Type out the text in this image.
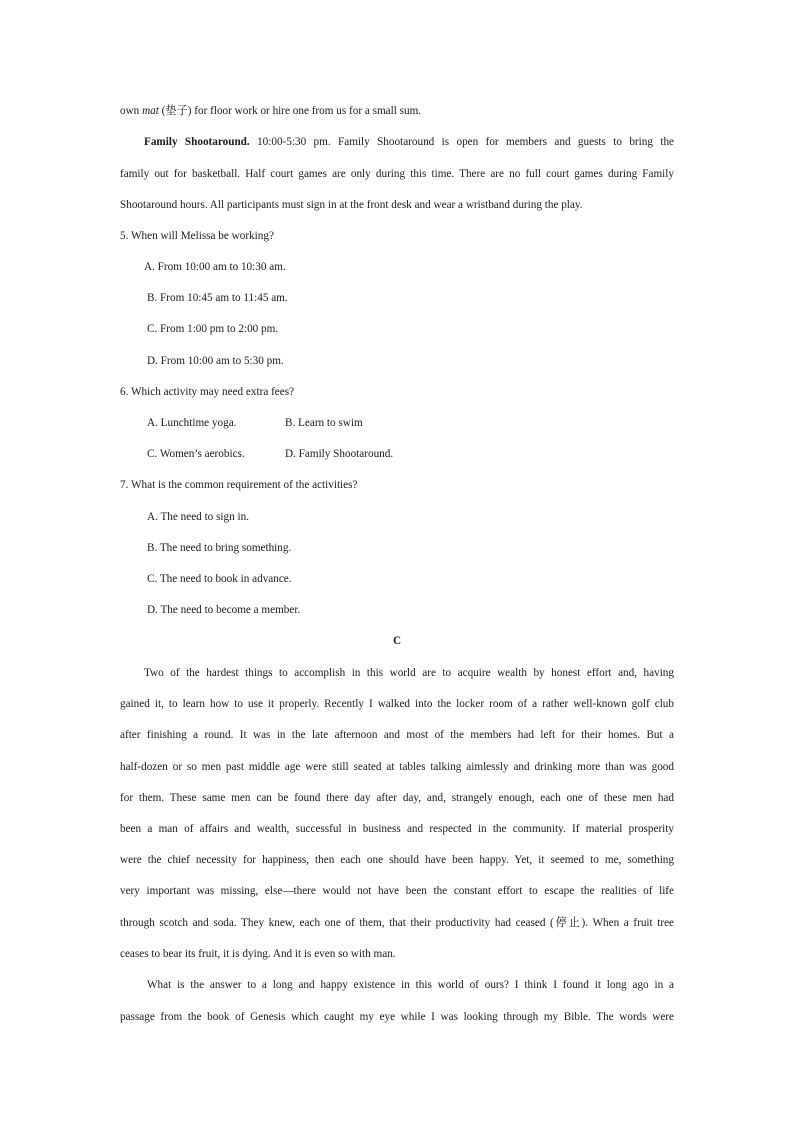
own mat (垫子) for floor work or hire one from us for a small sum.
Family Shootaround. 10:00-5:30 pm. Family Shootaround is open for members and guests to bring the
family out for basketball. Half court games are only during this time. There are no full court games during Family
Shootaround hours. All participants must sign in at the front desk and wear a wristband during the play.
5. When will Melissa be working?
A. From 10:00 am to 10:30 am.
B. From 10:45 am to 11:45 am.
C. From 1:00 pm to 2:00 pm.
D. From 10:00 am to 5:30 pm.
6. Which activity may need extra fees?
A. Lunchtime yoga.	B. Learn to swim
C. Women’s aerobics.	D. Family Shootaround.
7. What is the common requirement of the activities?
A. The need to sign in.
B. The need to bring something.
C. The need to book in advance.
D. The need to become a member.
C
Two of the hardest things to accomplish in this world are to acquire wealth by honest effort and, having
gained it, to learn how to use it properly. Recently I walked into the locker room of a rather well-known golf club
after finishing a round. It was in the late afternoon and most of the members had left for their homes. But a
half-dozen or so men past middle age were still seated at tables talking aimlessly and drinking more than was good
for them. These same men can be found there day after day, and, strangely enough, each one of these men had
been a man of affairs and wealth, successful in business and respected in the community. If material prosperity
were the chief necessity for happiness, then each one should have been happy. Yet, it seemed to me, something
very important was missing, else—there would not have been the constant effort to escape the realities of life
through scotch and soda. They knew, each one of them, that their productivity had ceased (停止). When a fruit tree
ceases to bear its fruit, it is dying. And it is even so with man.
What is the answer to a long and happy existence in this world of ours? I think I found it long ago in a
passage from the book of Genesis which caught my eye while I was looking through my Bible. The words were
